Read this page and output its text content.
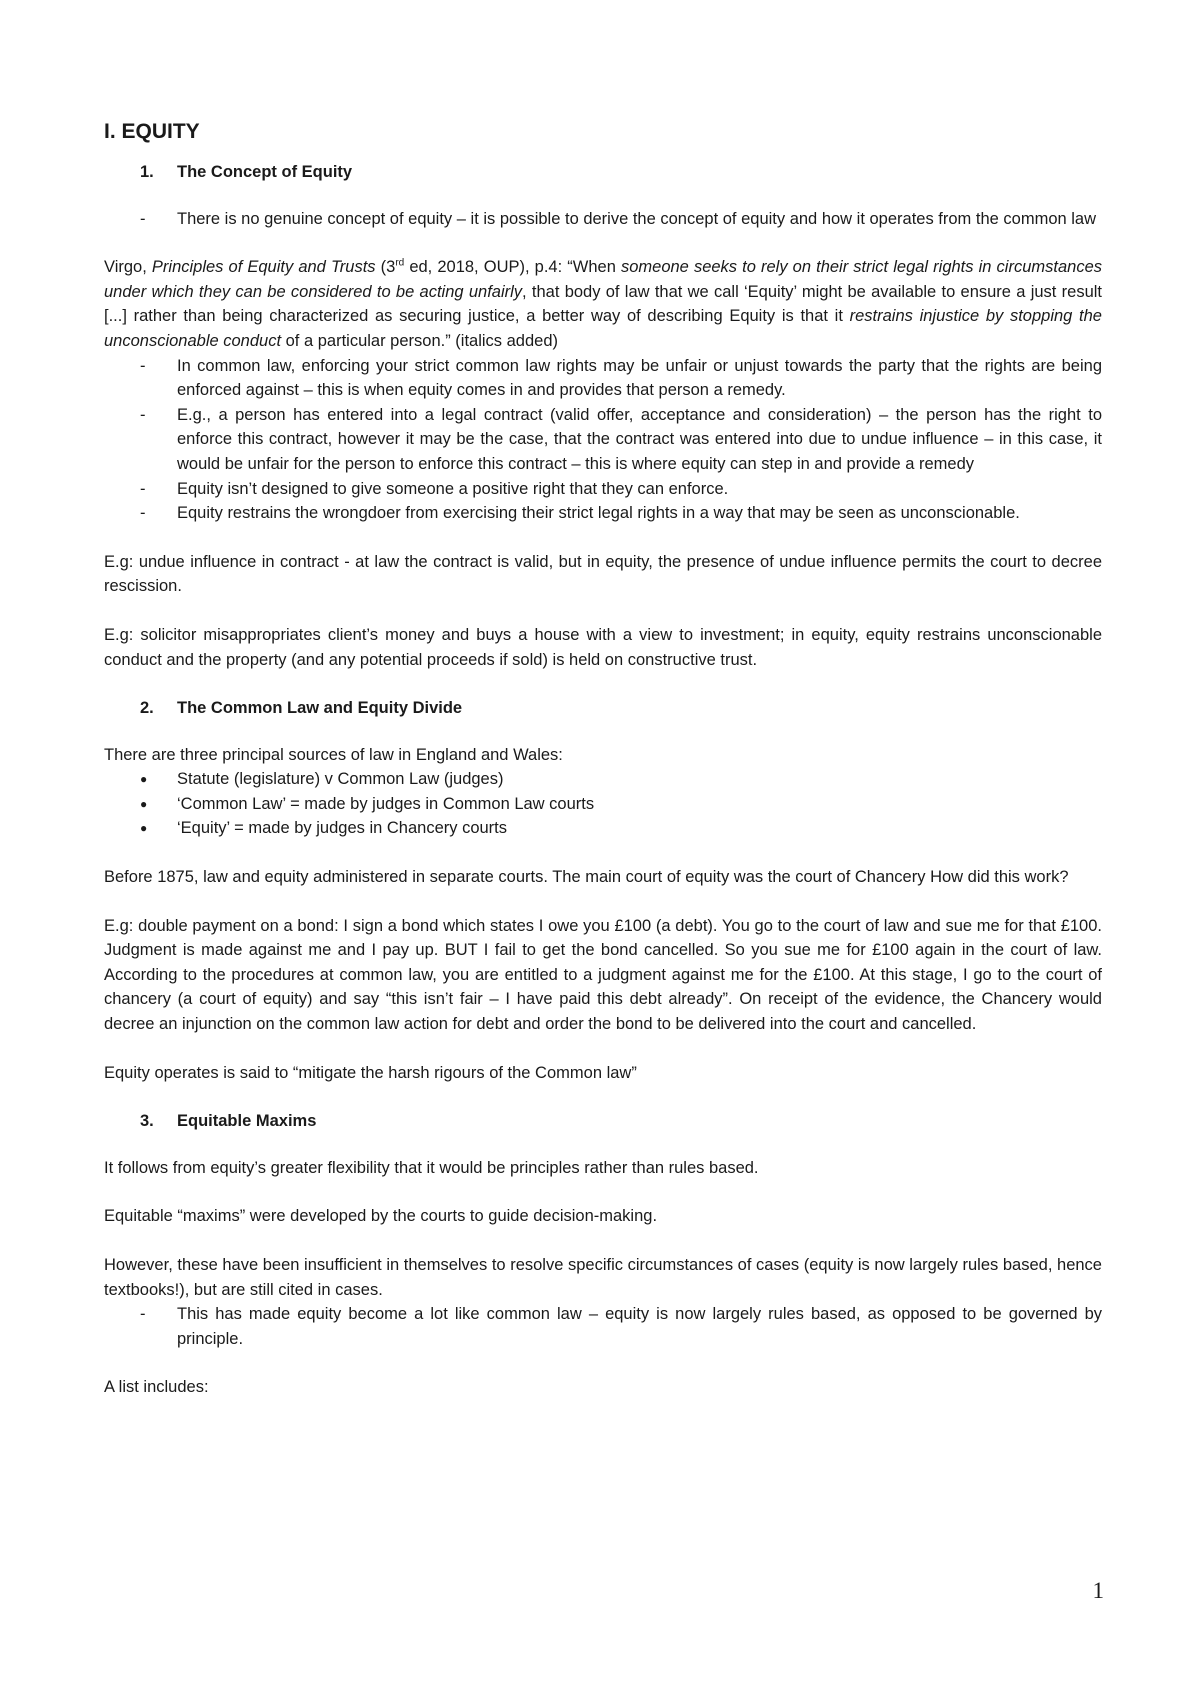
I. EQUITY
1.	The Concept of Equity
-	There is no genuine concept of equity – it is possible to derive the concept of equity and how it operates from the common law

Virgo, Principles of Equity and Trusts (3rd ed, 2018, OUP), p.4: “When someone seeks to rely on their strict legal rights in circumstances under which they can be considered to be acting unfairly, that body of law that we call ‘Equity’ might be available to ensure a just result [...] rather than being characterized as securing justice, a better way of describing Equity is that it restrains injustice by stopping the unconscionable conduct of a particular person.” (italics added)

-	In common law, enforcing your strict common law rights may be unfair or unjust towards the party that the rights are being enforced against – this is when equity comes in and provides that person a remedy.
-	E.g., a person has entered into a legal contract (valid offer, acceptance and consideration) – the person has the right to enforce this contract, however it may be the case, that the contract was entered into due to undue influence – in this case, it would be unfair for the person to enforce this contract – this is where equity can step in and provide a remedy
-	Equity isn’t designed to give someone a positive right that they can enforce.
-	Equity restrains the wrongdoer from exercising their strict legal rights in a way that may be seen as unconscionable.

E.g: undue influence in contract - at law the contract is valid, but in equity, the presence of undue influence permits the court to decree rescission.

E.g: solicitor misappropriates client’s money and buys a house with a view to investment; in equity, equity restrains unconscionable conduct and the property (and any potential proceeds if sold) is held on constructive trust.

2.	The Common Law and Equity Divide

There are three principal sources of law in England and Wales:

●	Statute (legislature) v Common Law (judges)
●	‘Common Law’ = made by judges in Common Law courts
●	‘Equity’ = made by judges in Chancery courts

Before 1875, law and equity administered in separate courts. The main court of equity was the court of Chancery How did this work?

E.g: double payment on a bond: I sign a bond which states I owe you £100 (a debt). You go to the court of law and sue me for that £100. Judgment is made against me and I pay up. BUT I fail to get the bond cancelled. So you sue me for £100 again in the court of law. According to the procedures at common law, you are entitled to a judgment against me for the £100. At this stage, I go to the court of chancery (a court of equity) and say “this isn’t fair – I have paid this debt already”. On receipt of the evidence, the Chancery would decree an injunction on the common law action for debt and order the bond to be delivered into the court and cancelled.

Equity operates is said to “mitigate the harsh rigours of the Common law”

3.	Equitable Maxims

It follows from equity’s greater flexibility that it would be principles rather than rules based.

Equitable “maxims” were developed by the courts to guide decision-making.

However, these have been insufficient in themselves to resolve specific circumstances of cases (equity is now largely rules based, hence textbooks!), but are still cited in cases.

-	This has made equity become a lot like common law – equity is now largely rules based, as opposed to be governed by principle.

A list includes:

1
